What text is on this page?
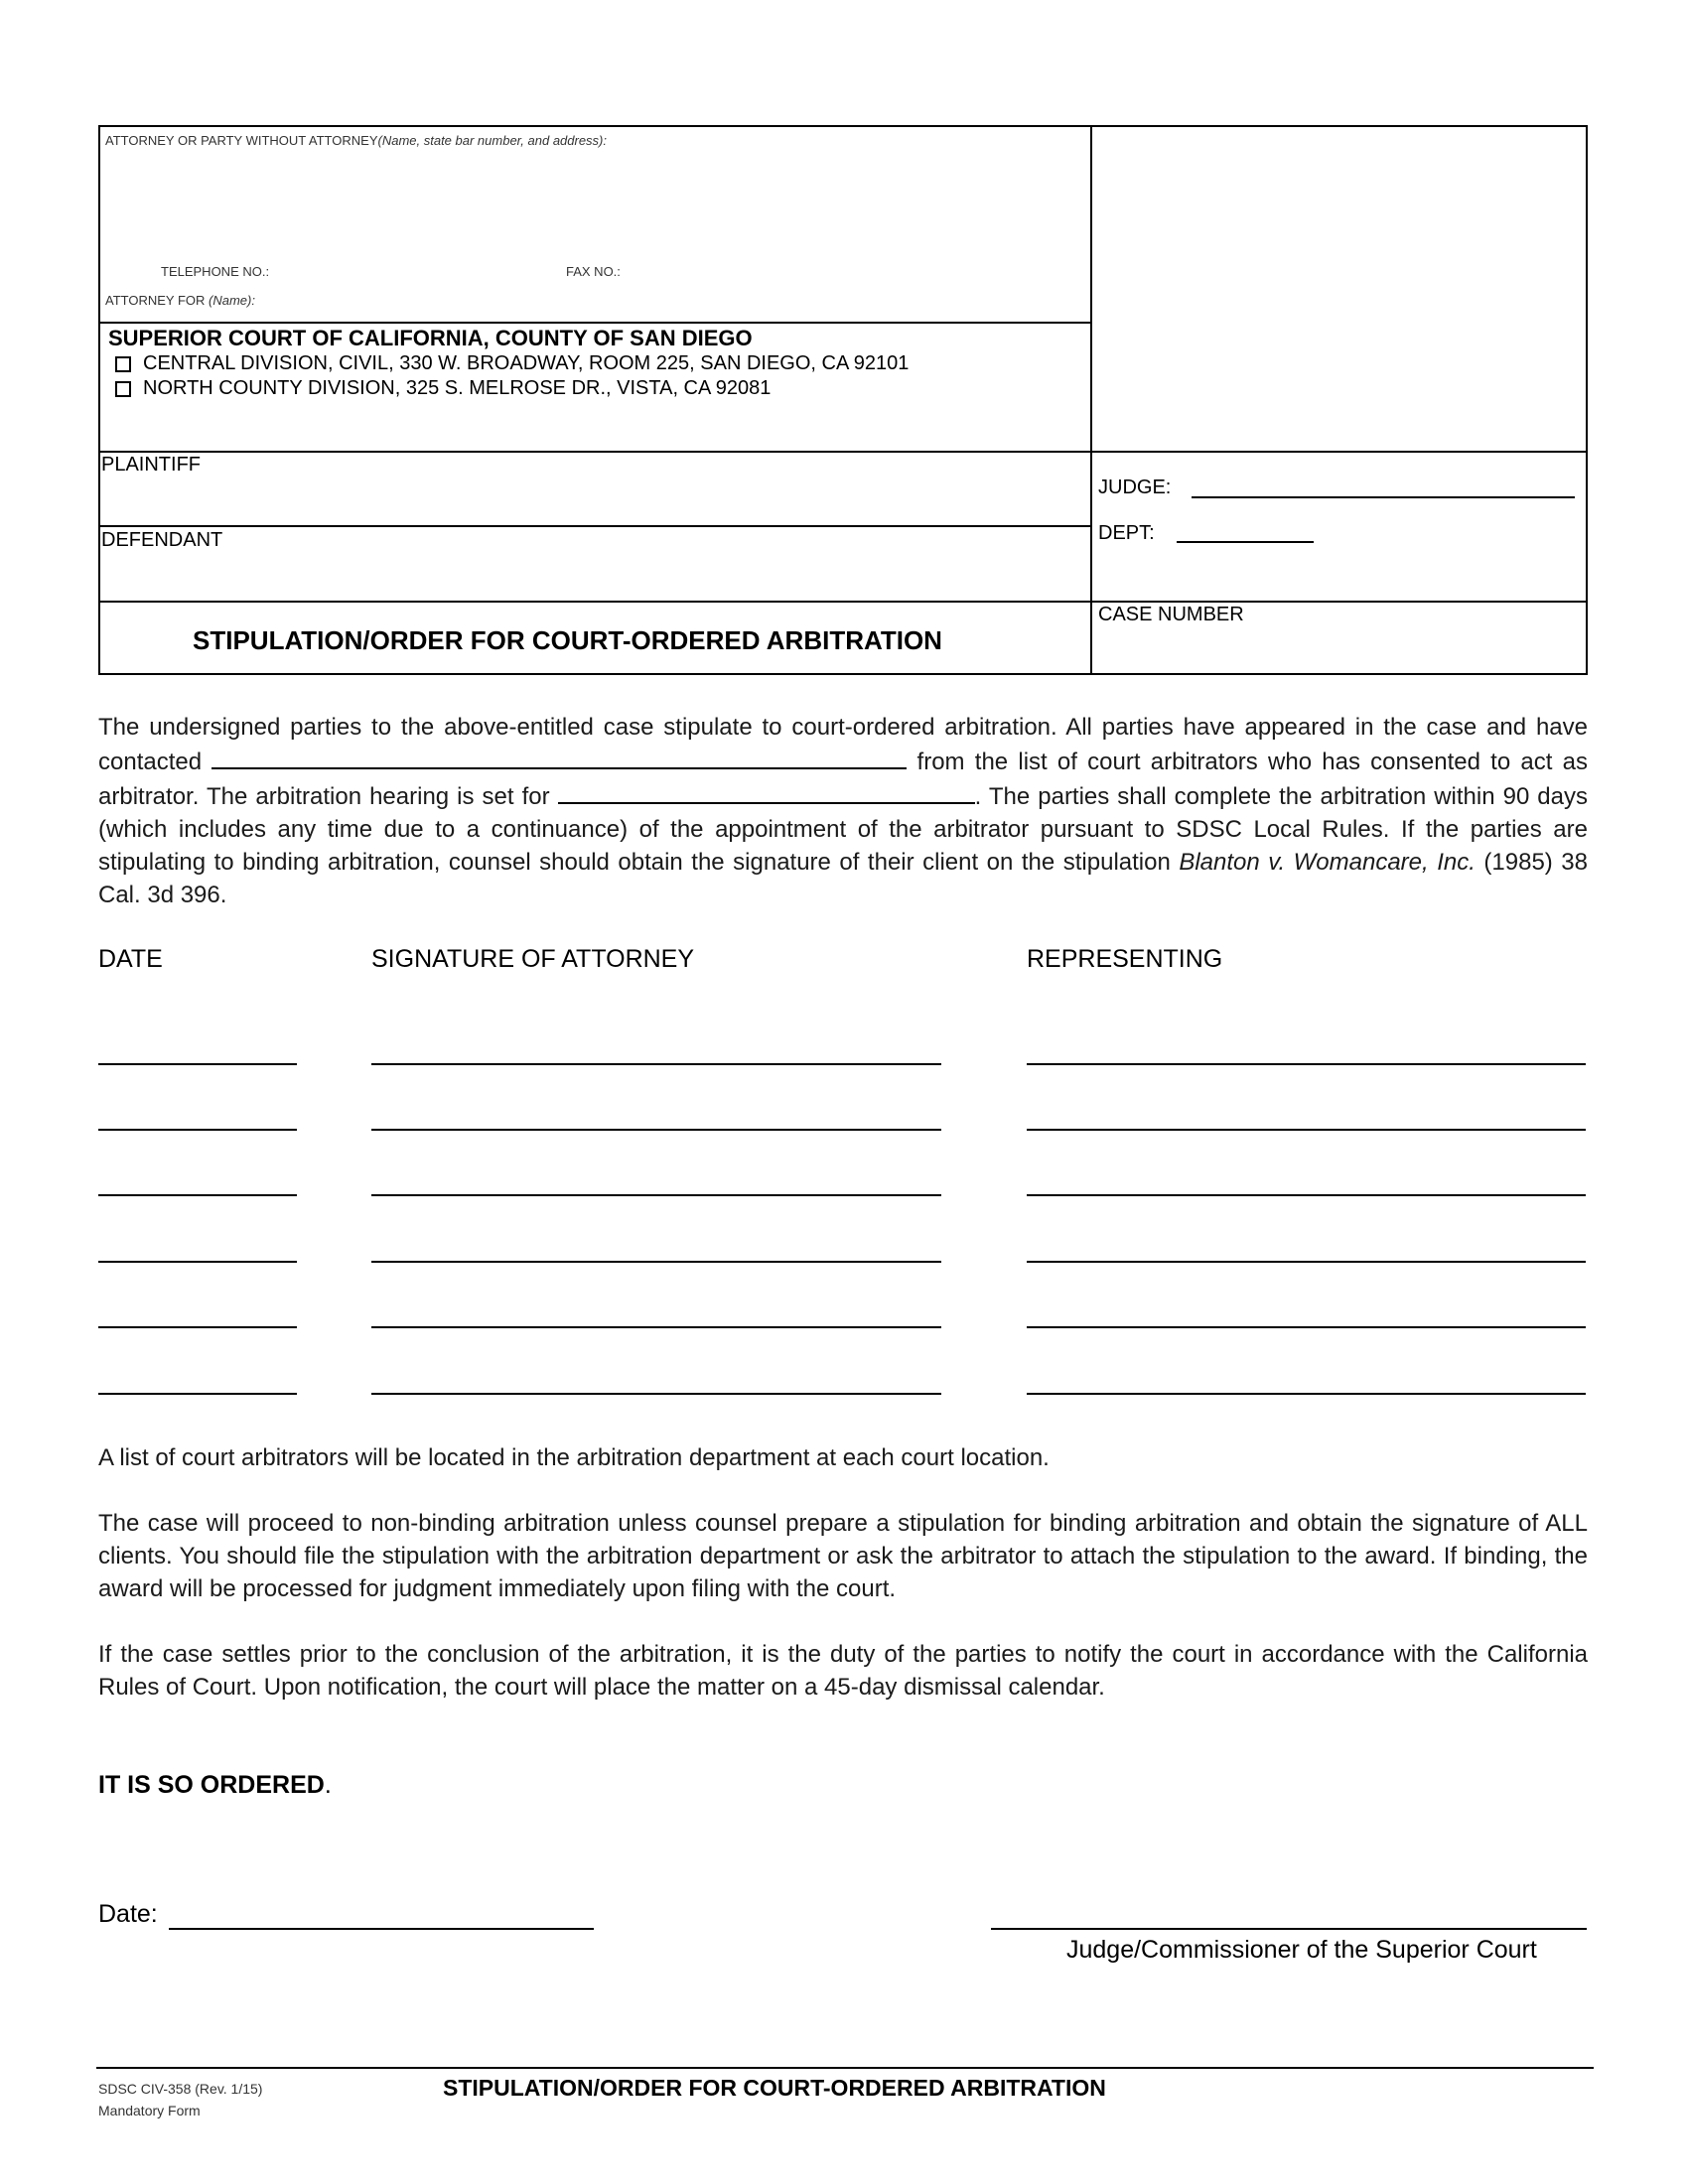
ATTORNEY OR PARTY WITHOUT ATTORNEY(Name, state bar number, and address):
TELEPHONE NO.:	FAX NO.:
ATTORNEY FOR (Name):
SUPERIOR COURT OF CALIFORNIA, COUNTY OF SAN DIEGO
CENTRAL DIVISION, CIVIL, 330 W. BROADWAY, ROOM 225, SAN DIEGO, CA 92101
NORTH COUNTY DIVISION, 325 S. MELROSE DR., VISTA, CA 92081
PLAINTIFF
DEFENDANT
JUDGE:
DEPT:
STIPULATION/ORDER FOR COURT-ORDERED ARBITRATION
CASE NUMBER
The undersigned parties to the above-entitled case stipulate to court-ordered arbitration. All parties have appeared in the case and have contacted	from the list of court arbitrators who has consented to act as arbitrator. The arbitration hearing is set for	. The parties shall complete the arbitration within 90 days (which includes any time due to a continuance) of the appointment of the arbitrator pursuant to SDSC Local Rules. If the parties are stipulating to binding arbitration, counsel should obtain the signature of their client on the stipulation Blanton v. Womancare, Inc. (1985) 38 Cal. 3d 396.
DATE	SIGNATURE OF ATTORNEY	REPRESENTING
A list of court arbitrators will be located in the arbitration department at each court location.
The case will proceed to non-binding arbitration unless counsel prepare a stipulation for binding arbitration and obtain the signature of ALL clients. You should file the stipulation with the arbitration department or ask the arbitrator to attach the stipulation to the award. If binding, the award will be processed for judgment immediately upon filing with the court.
If the case settles prior to the conclusion of the arbitration, it is the duty of the parties to notify the court in accordance with the California Rules of Court. Upon notification, the court will place the matter on a 45-day dismissal calendar.
IT IS SO ORDERED.
Date:
Judge/Commissioner of the Superior Court
SDSC CIV-358 (Rev. 1/15)
Mandatory Form
STIPULATION/ORDER FOR COURT-ORDERED ARBITRATION
